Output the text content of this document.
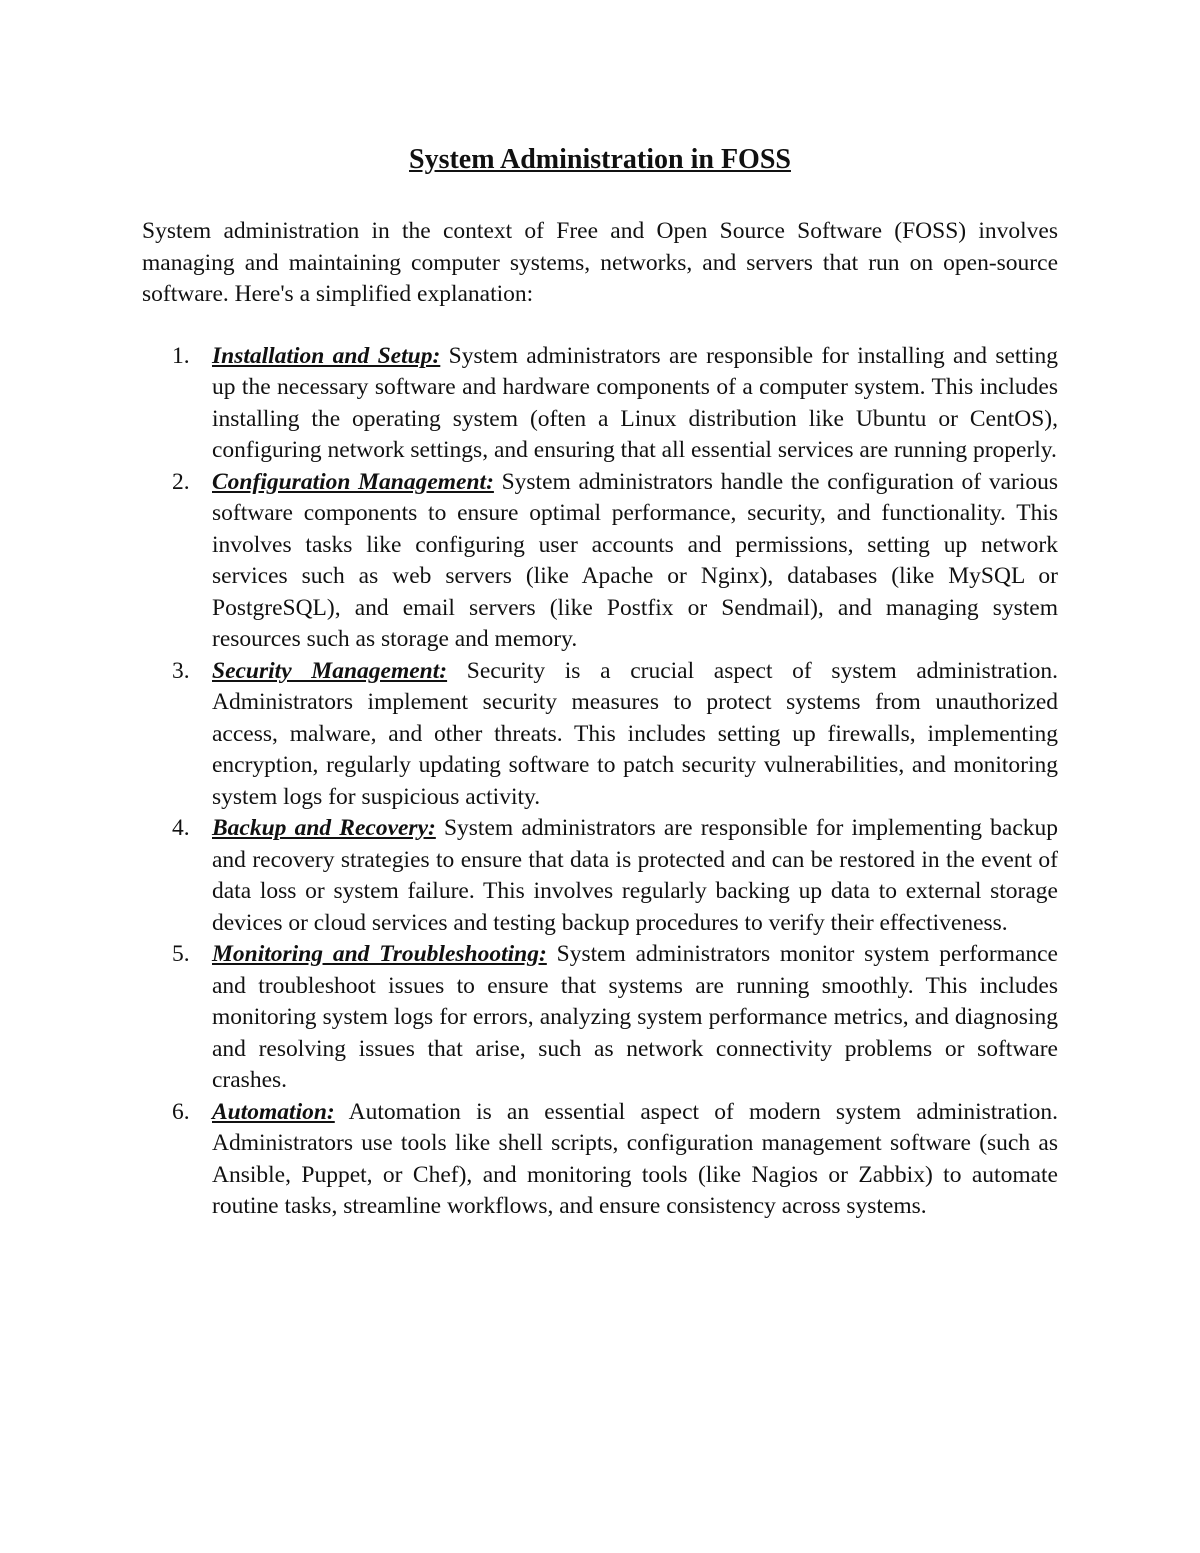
System Administration in FOSS

System administration in the context of Free and Open Source Software (FOSS) involves managing and maintaining computer systems, networks, and servers that run on open-source software. Here's a simplified explanation:

1. Installation and Setup: System administrators are responsible for installing and setting up the necessary software and hardware components of a computer system. This includes installing the operating system (often a Linux distribution like Ubuntu or CentOS), configuring network settings, and ensuring that all essential services are running properly.
2. Configuration Management: System administrators handle the configuration of various software components to ensure optimal performance, security, and functionality. This involves tasks like configuring user accounts and permissions, setting up network services such as web servers (like Apache or Nginx), databases (like MySQL or PostgreSQL), and email servers (like Postfix or Sendmail), and managing system resources such as storage and memory.
3. Security Management: Security is a crucial aspect of system administration. Administrators implement security measures to protect systems from unauthorized access, malware, and other threats. This includes setting up firewalls, implementing encryption, regularly updating software to patch security vulnerabilities, and monitoring system logs for suspicious activity.
4. Backup and Recovery: System administrators are responsible for implementing backup and recovery strategies to ensure that data is protected and can be restored in the event of data loss or system failure. This involves regularly backing up data to external storage devices or cloud services and testing backup procedures to verify their effectiveness.
5. Monitoring and Troubleshooting: System administrators monitor system performance and troubleshoot issues to ensure that systems are running smoothly. This includes monitoring system logs for errors, analyzing system performance metrics, and diagnosing and resolving issues that arise, such as network connectivity problems or software crashes.
6. Automation: Automation is an essential aspect of modern system administration. Administrators use tools like shell scripts, configuration management software (such as Ansible, Puppet, or Chef), and monitoring tools (like Nagios or Zabbix) to automate routine tasks, streamline workflows, and ensure consistency across systems.
